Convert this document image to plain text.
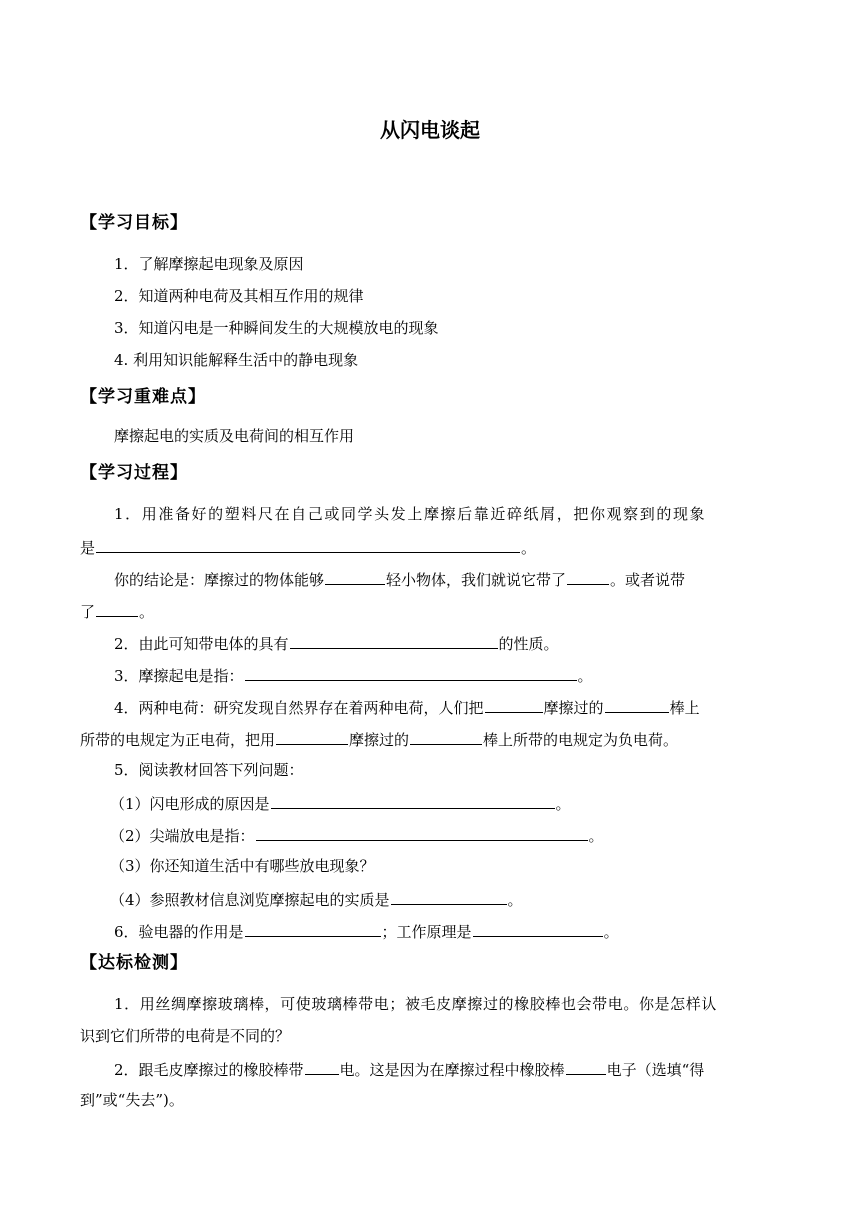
从闪电谈起
【学习目标】
1．了解摩擦起电现象及原因
2．知道两种电荷及其相互作用的规律
3．知道闪电是一种瞬间发生的大规模放电的现象
4. 利用知识能解释生活中的静电现象
【学习重难点】
摩擦起电的实质及电荷间的相互作用
【学习过程】
1．用准备好的塑料尺在自己或同学头发上摩擦后靠近碎纸屑，把你观察到的现象
是	。
你的结论是：摩擦过的物体能够	轻小物体，我们就说它带了	。或者说带
了	。
2．由此可知带电体的具有	的性质。
3．摩擦起电是指：	。
4．两种电荷：研究发现自然界存在着两种电荷，人们把	摩擦过的	棒上
所带的电规定为正电荷，把用	摩擦过的	棒上所带的电规定为负电荷。
5．阅读教材回答下列问题：
（1）闪电形成的原因是	。
（2）尖端放电是指：	。
（3）你还知道生活中有哪些放电现象？
（4）参照教材信息浏览摩擦起电的实质是	。
6．验电器的作用是	；工作原理是	。
【达标检测】
1．用丝绸摩擦玻璃棒，可使玻璃棒带电；被毛皮摩擦过的橡胶棒也会带电。你是怎样认
识到它们所带的电荷是不同的？
2．跟毛皮摩擦过的橡胶棒带 电。这是因为在摩擦过程中橡胶棒	电子（选填“得
到”或“失去”)。
